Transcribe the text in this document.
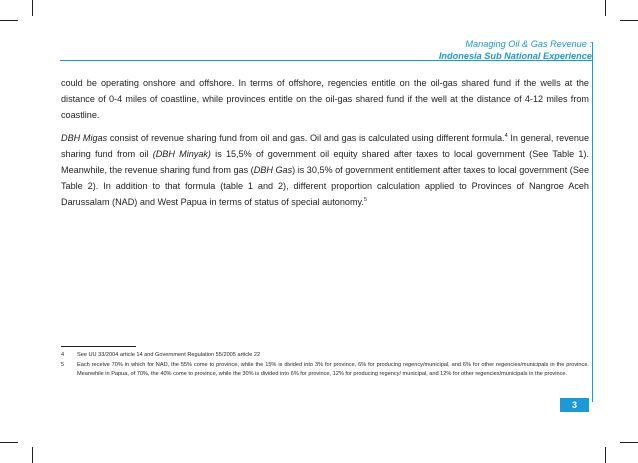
Managing Oil & Gas Revenue :
Indonesia Sub National Experience

could be operating onshore and offshore. In terms of offshore, regencies entitle on the oil-gas shared fund if the wells at the distance of 0-4 miles of coastline, while provinces entitle on the oil-gas shared fund if the well at the distance of 4-12 miles from coastline.

DBH Migas consist of revenue sharing fund from oil and gas. Oil and gas is calculated using different formula.$^4$ In general, revenue sharing fund from oil (DBH Minyak) is 15,5% of government oil equity shared after taxes to local government (See Table 1). Meanwhile, the revenue sharing fund from gas (DBH Gas) is 30,5% of government entitlement after taxes to local government (See Table 2). In addition to that formula (table 1 and 2), different proportion calculation applied to Provinces of Nangroe Aceh Darussalam (NAD) and West Papua in terms of status of special autonomy.$^5$

4	See UU 33/2004 article 14 and Government Regulation 55/2005 article 22
5	Each receive 70% in which for NAD, the 55% come to province, while the 15% is divided into 3% for province, 6% for producing regency/municipal, and 6% for other regencies/municipals in the province. Meanwhile in Papua, of 70%, the 40% come to province, while the 30% is divided into 6% for province, 12% for producing regency/ municipal, and 12% for other regencies/municipals in the province.
3
